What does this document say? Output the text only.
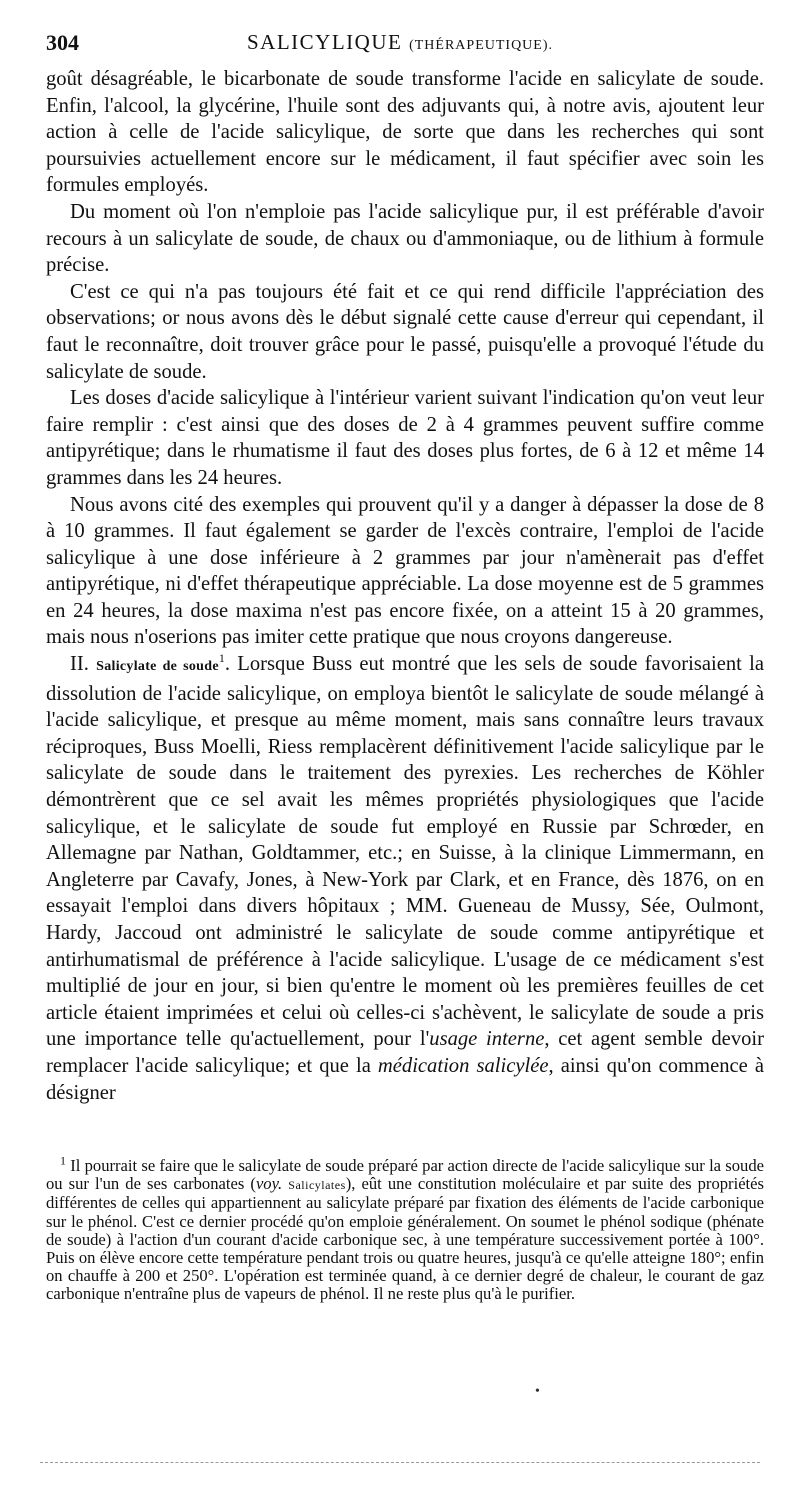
304	SALICYLIQUE (THÉRAPEUTIQUE).

goût désagréable, le bicarbonate de soude transforme l'acide en salicylate de soude. Enfin, l'alcool, la glycérine, l'huile sont des adjuvants qui, à notre avis, ajoutent leur action à celle de l'acide salicylique, de sorte que dans les recherches qui sont poursuivies actuellement encore sur le médicament, il faut spécifier avec soin les formules employés.

Du moment où l'on n'emploie pas l'acide salicylique pur, il est préférable d'avoir recours à un salicylate de soude, de chaux ou d'ammoniaque, ou de lithium à formule précise.

C'est ce qui n'a pas toujours été fait et ce qui rend difficile l'appréciation des observations; or nous avons dès le début signalé cette cause d'erreur qui cependant, il faut le reconnaître, doit trouver grâce pour le passé, puisqu'elle a provoqué l'étude du salicylate de soude.

Les doses d'acide salicylique à l'intérieur varient suivant l'indication qu'on veut leur faire remplir : c'est ainsi que des doses de 2 à 4 grammes peuvent suffire comme antipyrétique; dans le rhumatisme il faut des doses plus fortes, de 6 à 12 et même 14 grammes dans les 24 heures.

Nous avons cité des exemples qui prouvent qu'il y a danger à dépasser la dose de 8 à 10 grammes. Il faut également se garder de l'excès contraire, l'emploi de l'acide salicylique à une dose inférieure à 2 grammes par jour n'amènerait pas d'effet antipyrétique, ni d'effet thérapeutique appréciable. La dose moyenne est de 5 grammes en 24 heures, la dose maxima n'est pas encore fixée, on a atteint 15 à 20 grammes, mais nous n'oserions pas imiter cette pratique que nous croyons dangereuse.

II. Salicylate de soude$^1$. Lorsque Buss eut montré que les sels de soude favorisaient la dissolution de l'acide salicylique, on employa bientôt le salicylate de soude mélangé à l'acide salicylique, et presque au même moment, mais sans connaître leurs travaux réciproques, Buss Moelli, Riess remplacèrent définitivement l'acide salicylique par le salicylate de soude dans le traitement des pyrexies. Les recherches de Köhler démontrèrent que ce sel avait les mêmes propriétés physiologiques que l'acide salicylique, et le salicylate de soude fut employé en Russie par Schrœder, en Allemagne par Nathan, Goldtammer, etc.; en Suisse, à la clinique Limmermann, en Angleterre par Cavafy, Jones, à New-York par Clark, et en France, dès 1876, on en essayait l'emploi dans divers hôpitaux ; MM. Gueneau de Mussy, Sée, Oulmont, Hardy, Jaccoud ont administré le salicylate de soude comme antipyrétique et antirhumatismal de préférence à l'acide salicylique. L'usage de ce médicament s'est multiplié de jour en jour, si bien qu'entre le moment où les premières feuilles de cet article étaient imprimées et celui où celles-ci s'achèvent, le salicylate de soude a pris une importance telle qu'actuellement, pour l'usage interne, cet agent semble devoir remplacer l'acide salicylique; et que la médication salicylée, ainsi qu'on commence à désigner

$^1$ Il pourrait se faire que le salicylate de soude préparé par action directe de l'acide salicylique sur la soude ou sur l'un de ses carbonates (voy. Salicylates), eût une constitution moléculaire et par suite des propriétés différentes de celles qui appartiennent au salicylate préparé par fixation des éléments de l'acide carbonique sur le phénol. C'est ce dernier procédé qu'on emploie généralement. On soumet le phénol sodique (phénate de soude) à l'action d'un courant d'acide carbonique sec, à une température successivement portée à 100°. Puis on élève encore cette température pendant trois ou quatre heures, jusqu'à ce qu'elle atteigne 180°; enfin on chauffe à 200 et 250°. L'opération est terminée quand, à ce dernier degré de chaleur, le courant de gaz carbonique n'entraîne plus de vapeurs de phénol. Il ne reste plus qu'à le purifier.

•
